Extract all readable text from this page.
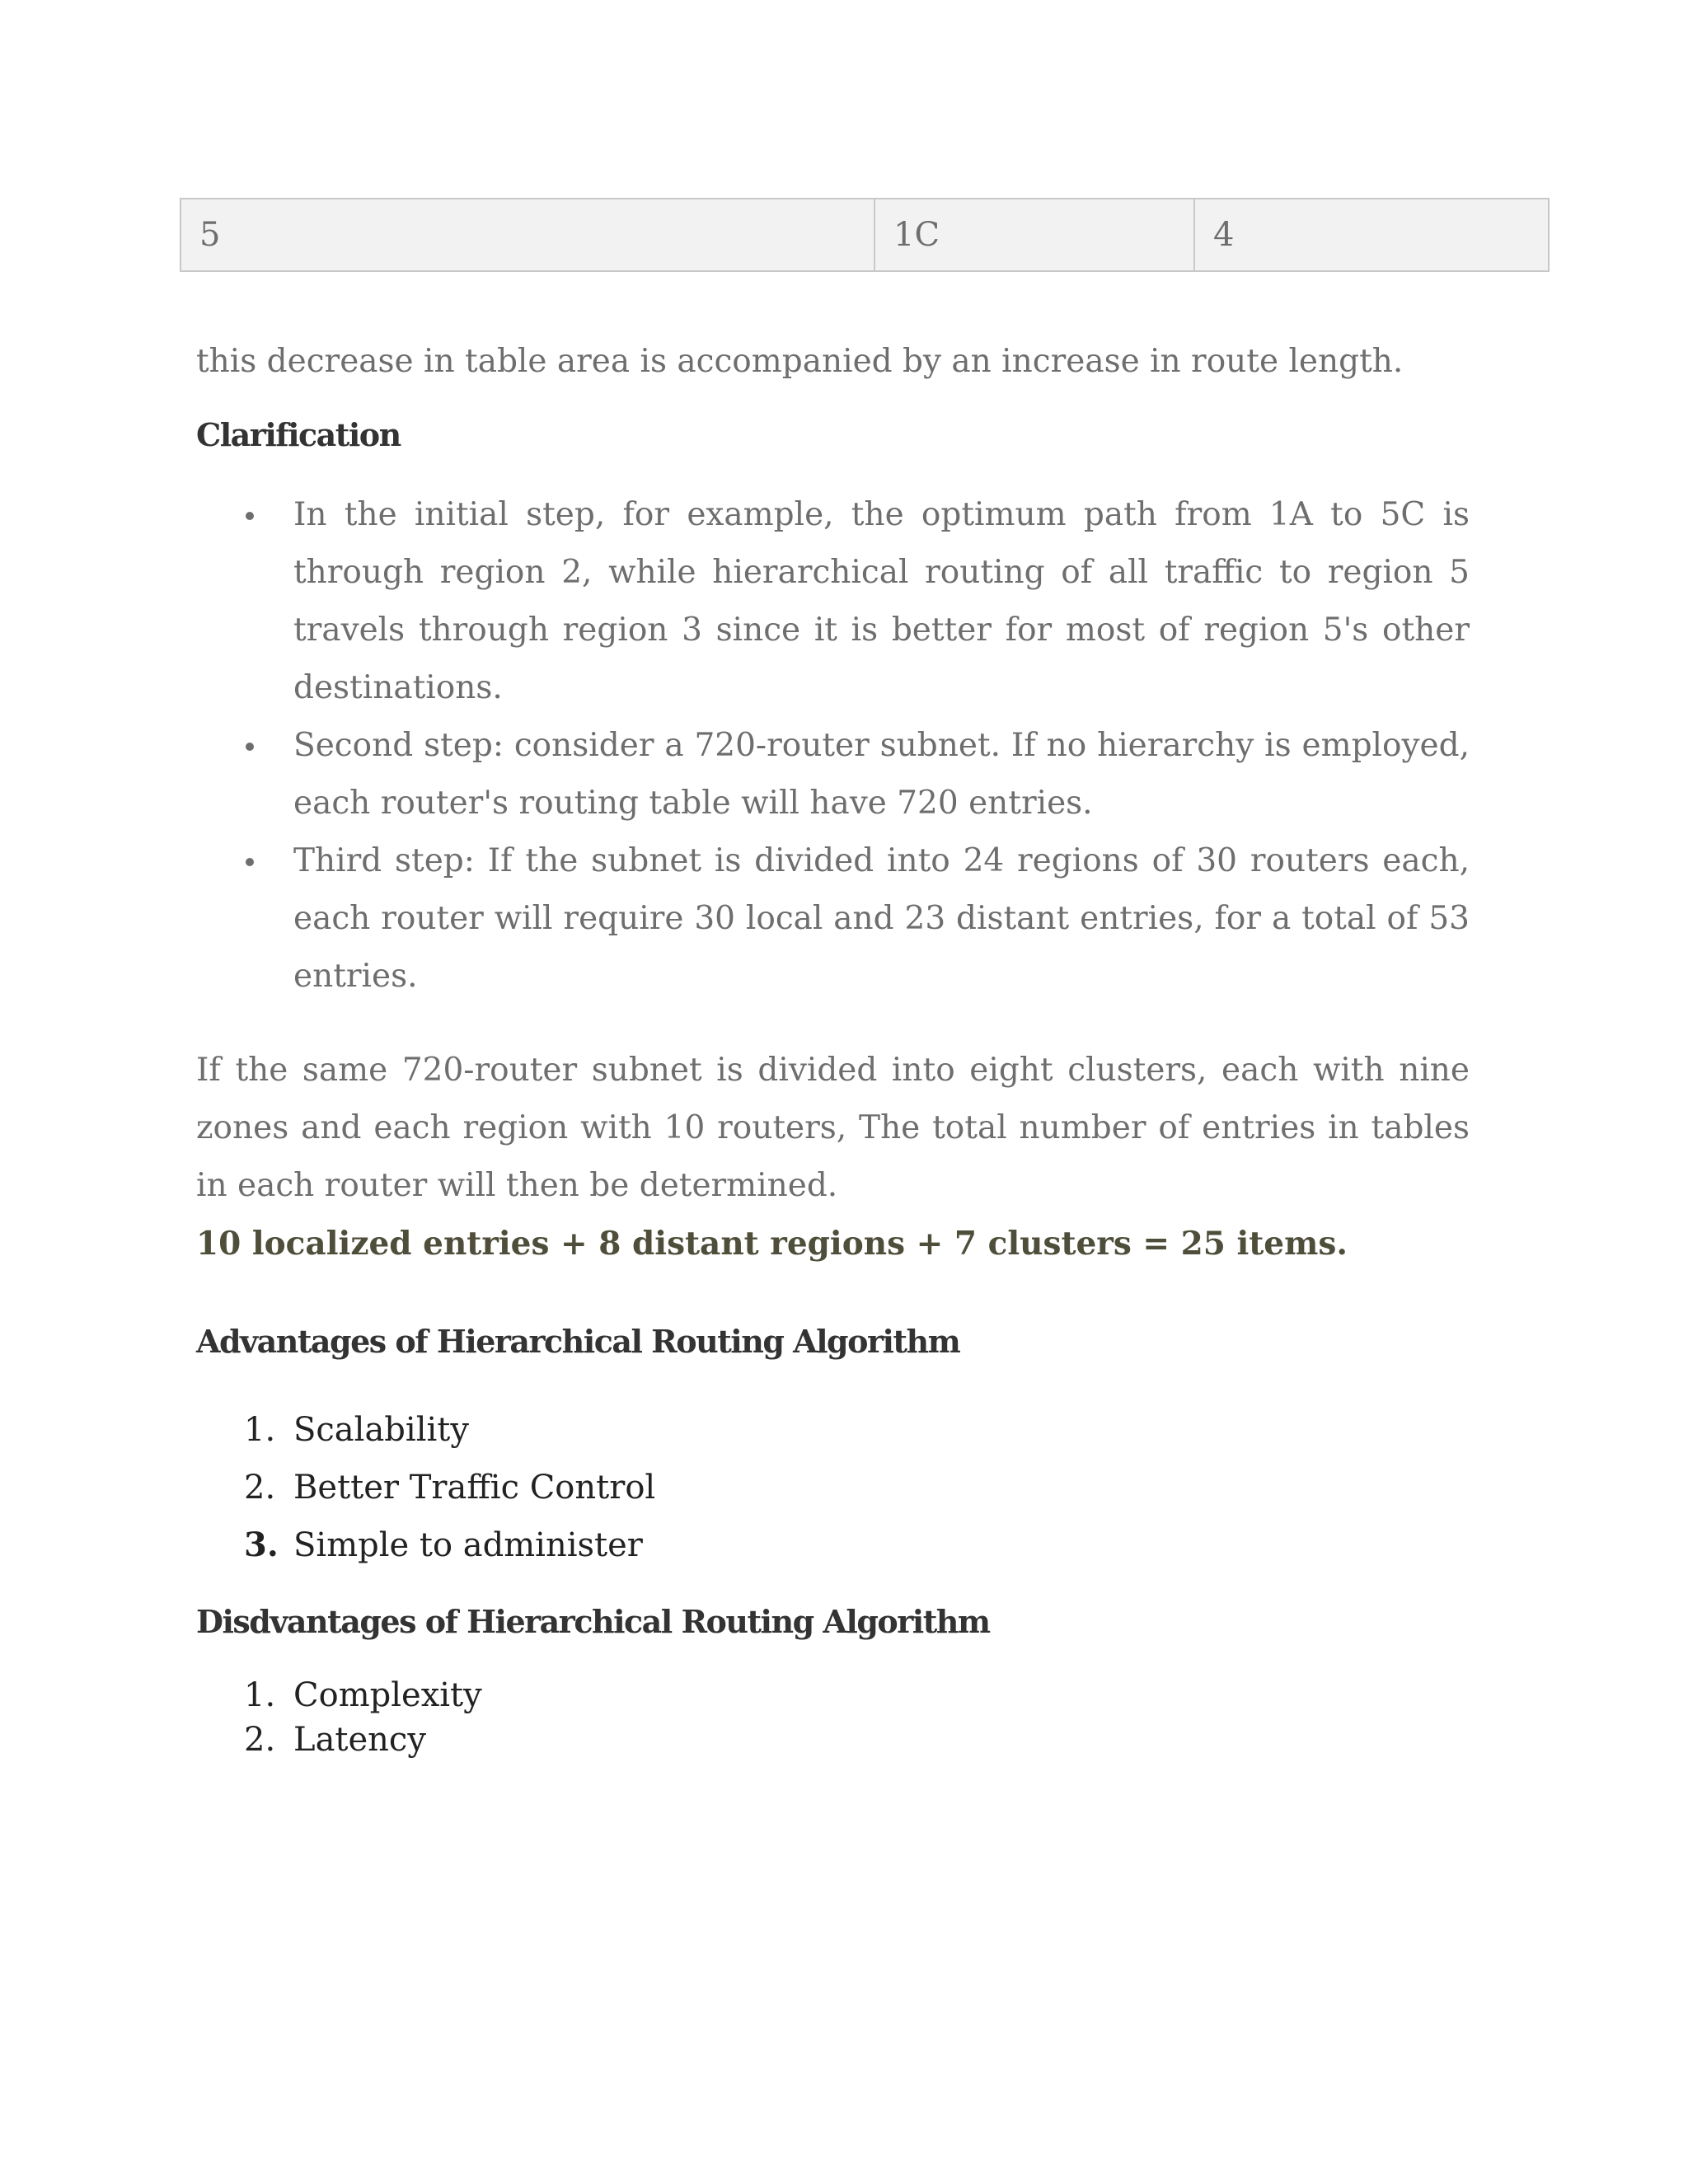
5	1C	4

this decrease in table area is accompanied by an increase in route length.

Clarification
In the initial step, for example, the optimum path from 1A to 5C is through region 2, while hierarchical routing of all traffic to region 5 travels through region 3 since it is better for most of region 5's other destinations.
Second step: consider a 720-router subnet. If no hierarchy is employed, each router's routing table will have 720 entries.
Third step: If the subnet is divided into 24 regions of 30 routers each, each router will require 30 local and 23 distant entries, for a total of 53 entries.

If the same 720-router subnet is divided into eight clusters, each with nine zones and each region with 10 routers, The total number of entries in tables in each router will then be determined.

10 localized entries + 8 distant regions + 7 clusters = 25 items.

Advantages of Hierarchical Routing Algorithm
1. Scalability
2. Better Traffic Control
3. Simple to administer
Disdvantages of Hierarchical Routing Algorithm
1. Complexity
2. Latency
